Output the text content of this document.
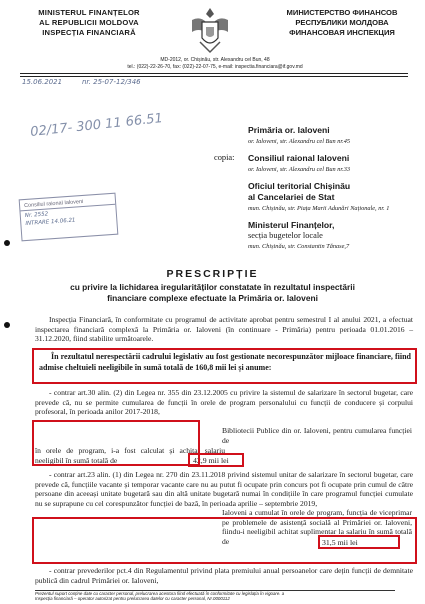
MINISTERUL FINANȚELOR
AL REPUBLICII MOLDOVA
INSPECȚIA FINANCIARĂ
МИНИСТЕРСТВО ФИНАНСОВ
РЕСПУБЛИКИ МОЛДОВА
ФИНАНСОВАЯ ИНСПЕКЦИЯ
MD-2012, or. Chișinău, str. Alexandru cel Bun, 48
tel.: (022)-22-26-70, fax: (022)-22-07-75, e-mail: inspectia.financiara@if.gov.md
15.06.2021	nr. 25-07-12/346
02/17- 300 11 66.51	Primăria or. Ialoveni
or. Ialoveni, str. Alexandru cel Bun nr.45
copia: Consiliul raional Ialoveni
or. Ialoveni, str. Alexandru cel Bun nr.33
Oficiul teritorial Chișinău
al Cancelariei de Stat
mun. Chișinău, str. Piața Marii Adunări Naționale, nr. 1
Ministerul Finanțelor,
secția bugetelor locale
mun. Chișinău, str. Constantin Tănase,7
Consiliul raional Ialoveni
Nr. 2552
INTRARE 14.06.21
PRESCRIPȚIE
cu privire la lichidarea iregularităților constatate în rezultatul inspectării
financiare complexe efectuate la Primăria or. Ialoveni
Inspecția Financiară, în conformitate cu programul de activitate aprobat pentru semestrul I al anului 2021, a efectuat inspectarea financiară complexă la Primăria or. Ialoveni (în continuare - Primăria) pentru perioada 01.01.2016 – 31.12.2020, fiind stabilite următoarele.
În rezultatul nerespectării cadrului legislativ au fost gestionate necorespunzător mijloace financiare, fiind admise cheltuieli neeligibile în sumă totală de 160,8 mii lei și anume:
- contrar art.30 alin. (2) din Legea nr. 355 din 23.12.2005 cu privire la sistemul de salarizare în sectorul bugetar, care prevede că, nu se permite cumularea de funcții în orele de program personalului cu funcții de conducere și corpului profesoral, în perioada anilor 2017-2018,
Bibliotecii Publice din or. Ialoveni, pentru cumularea funcției de
în orele de program, i-a fost calculat și achitat salariu neeligibil în sumă totală de	42,9 mii lei
- contrar art.23 alin. (1) din Legea nr. 270 din 23.11.2018 privind sistemul unitar de salarizare în sectorul bugetar, care prevede că, funcțiile vacante și temporar vacante care nu au putut fi ocupate prin concurs pot fi ocupate prin cumul de către persoane din aceeași unitate bugetară sau din altă unitate bugetară numai în condițiile în care programul funcției cumulate nu se suprapune cu cel corespunzător funcției de bază, în perioada aprilie – septembrie 2019,
Ialoveni a cumulat în orele de program, funcția de viceprimar pe problemele de asistență socială al Primăriei or. Ialoveni, fiindu-i neeligibil achitat suplimentar la salariu în sumă totală de	31,5 mii lei
- contrar prevederilor pct.4 din Regulamentul privind plata premiului anual persoanelor care dețin funcții de demnitate publică din cadrul Primăriei or. Ialoveni,
Prezentul suport conține date cu caracter personal, prelucrarea acestora fiind efectuată în conformitate cu legislația în vigoare. a
Inspecția financiară – operator autorizat pentru prelucrarea datelor cu caracter personal, Nr.0000112
